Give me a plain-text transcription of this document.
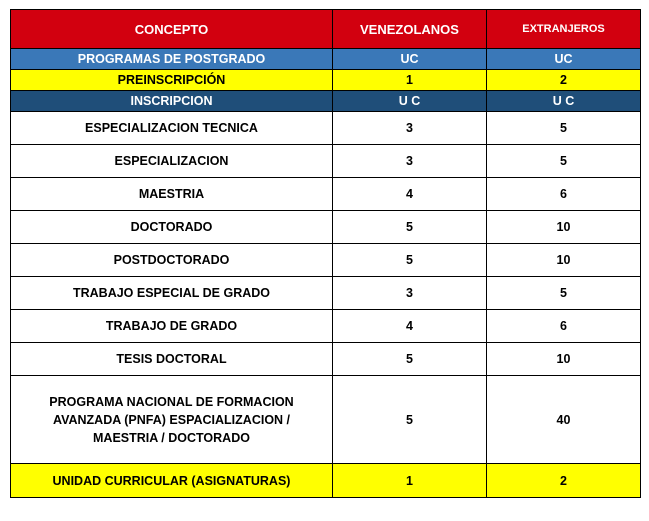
CONCEPTO	VENEZOLANOS	EXTRANJEROS
PROGRAMAS DE POSTGRADO	UC	UC
PREINSCRIPCIÓN	1	2
INSCRIPCION	U C	U C
ESPECIALIZACION TECNICA	3	5
ESPECIALIZACION	3	5
MAESTRIA	4	6
DOCTORADO	5	10
POSTDOCTORADO	5	10
TRABAJO ESPECIAL DE GRADO	3	5
TRABAJO DE GRADO	4	6
TESIS DOCTORAL	5	10
PROGRAMA NACIONAL DE FORMACION
AVANZADA (PNFA) ESPACIALIZACION /
MAESTRIA / DOCTORADO	5	40
UNIDAD CURRICULAR (ASIGNATURAS)	1	2
